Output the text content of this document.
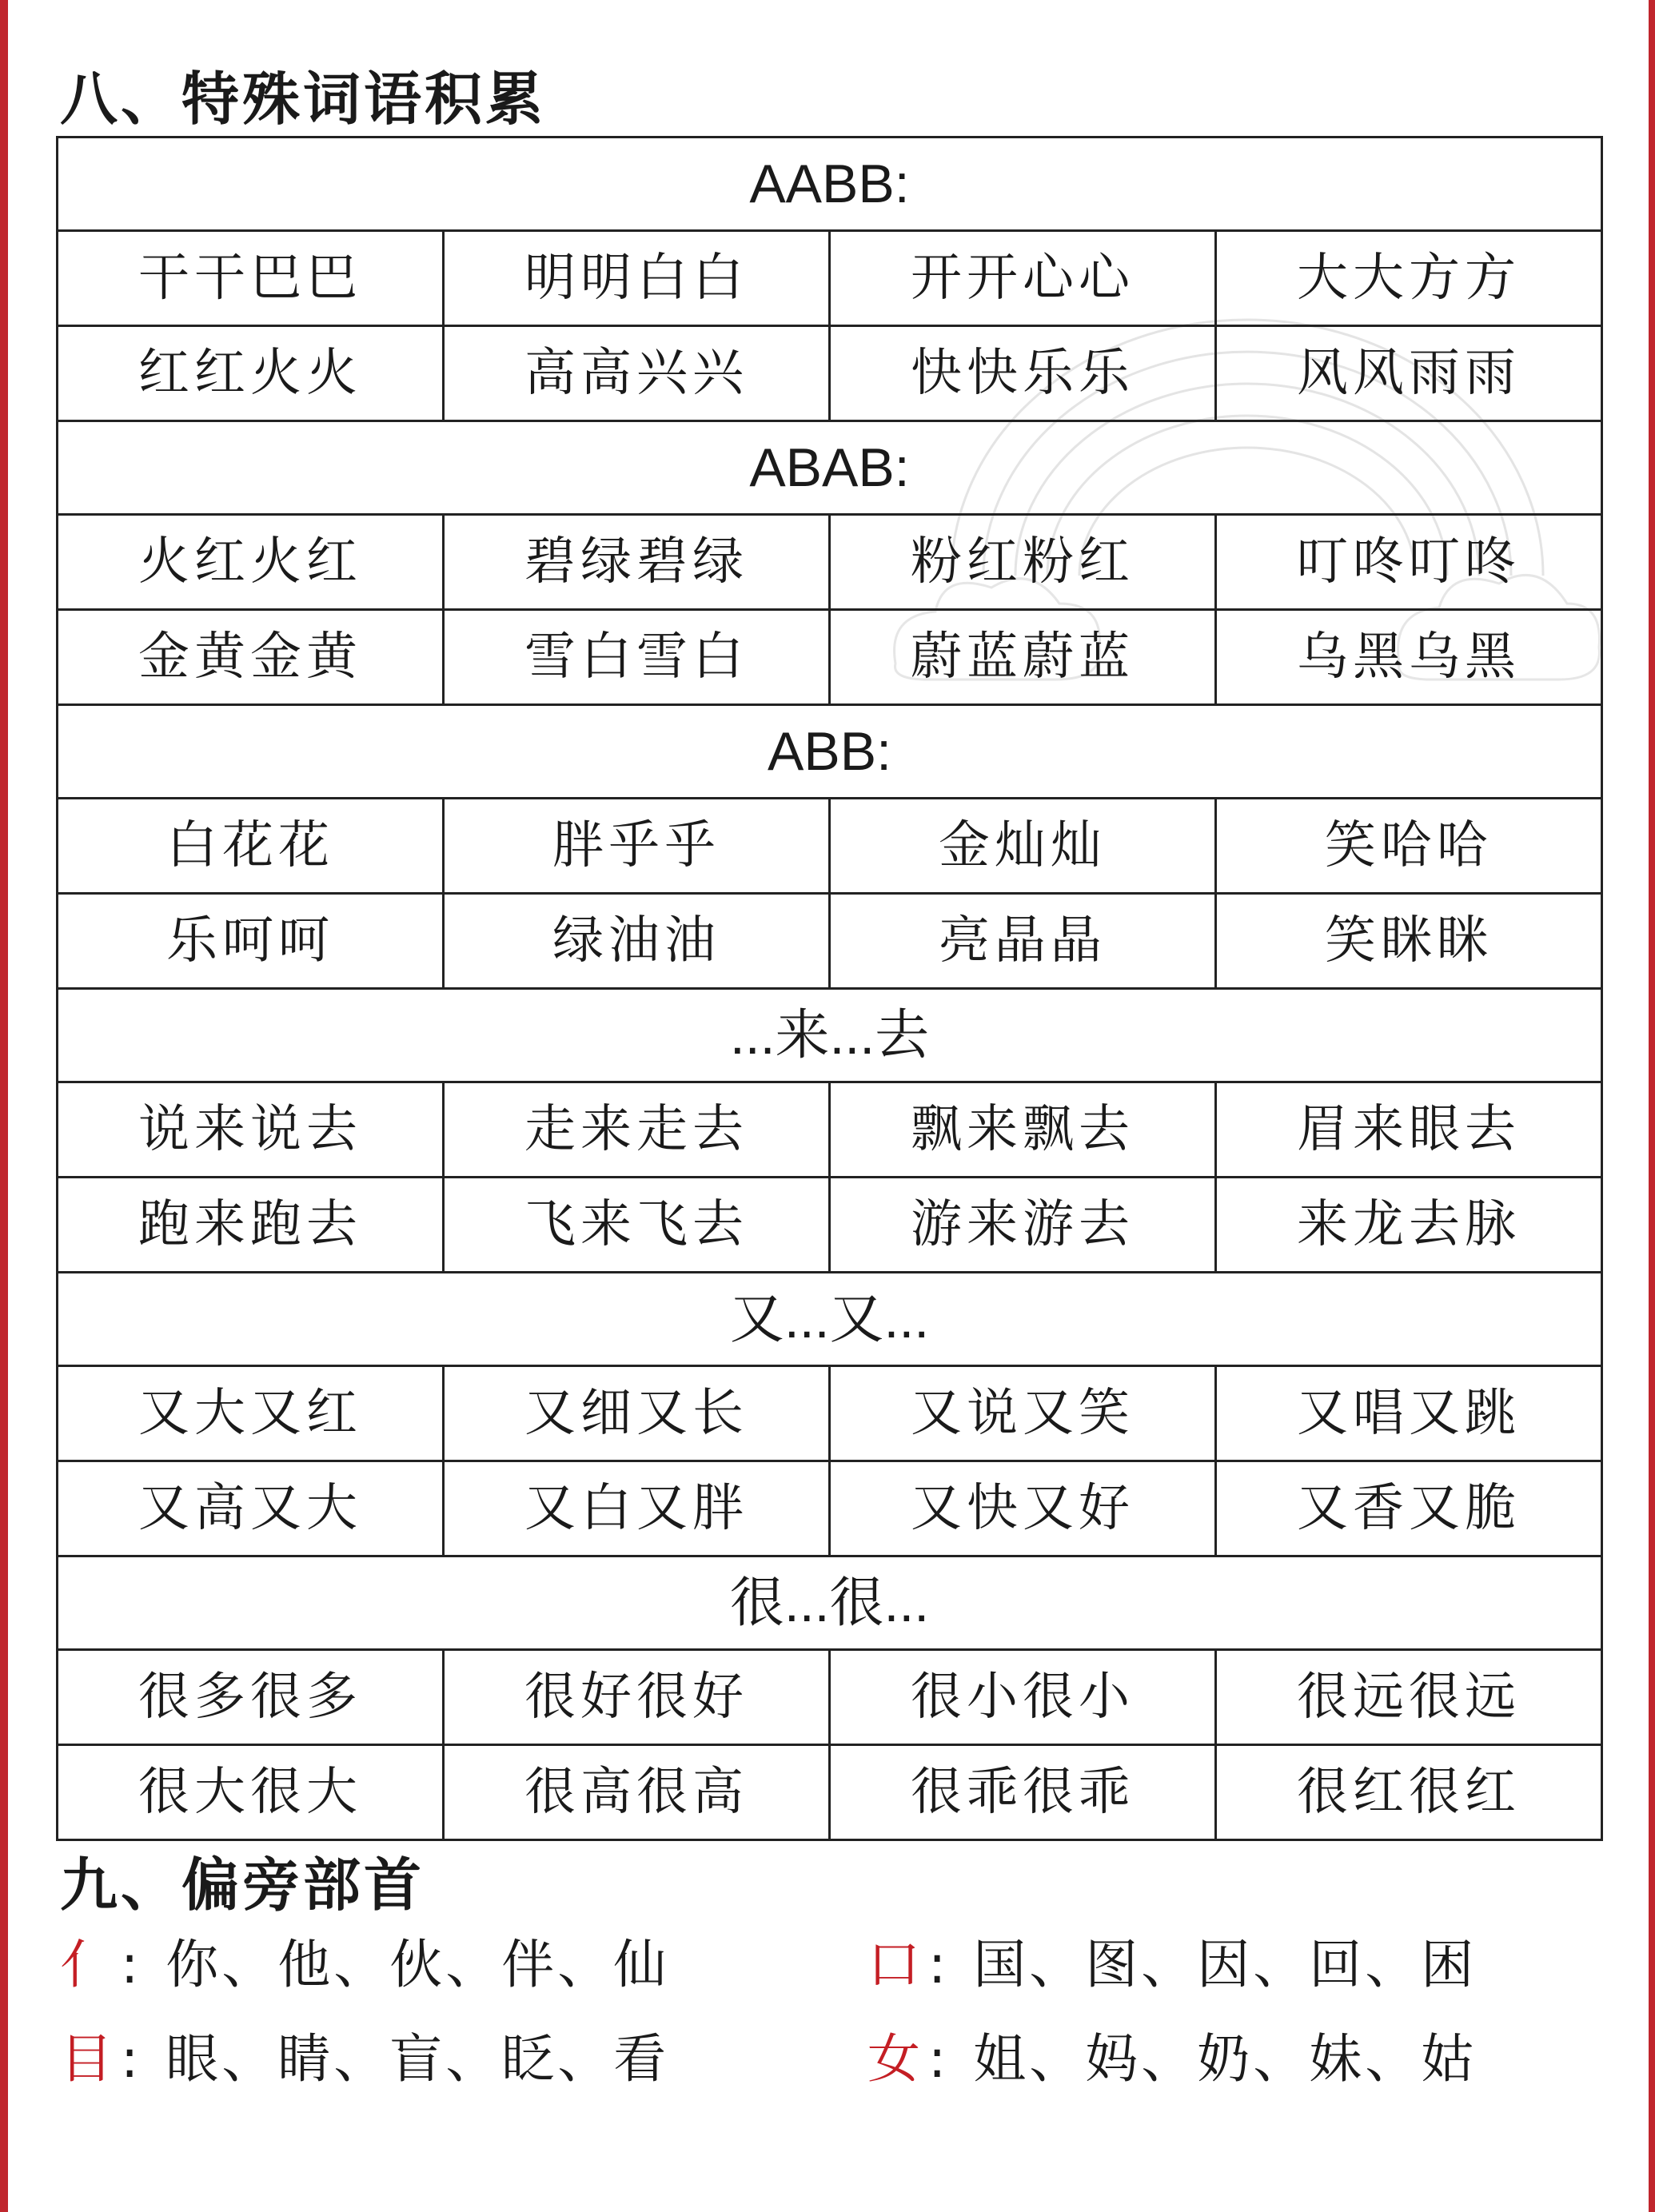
八、特殊词语积累
AABB:			
干干巴巴	明明白白	开开心心	大大方方
红红火火	高高兴兴	快快乐乐	风风雨雨
ABAB:			
火红火红	碧绿碧绿	粉红粉红	叮咚叮咚
金黄金黄	雪白雪白	蔚蓝蔚蓝	乌黑乌黑
ABB:			
白花花	胖乎乎	金灿灿	笑哈哈
乐呵呵	绿油油	亮晶晶	笑眯眯
...来...去			
说来说去	走来走去	飘来飘去	眉来眼去
跑来跑去	飞来飞去	游来游去	来龙去脉
又...又...			
又大又红	又细又长	又说又笑	又唱又跳
又高又大	又白又胖	又快又好	又香又脆
很...很...			
很多很多	很好很好	很小很小	很远很远
很大很大	很高很高	很乖很乖	很红很红
九、偏旁部首
亻 : 你、他、伙、伴、仙	口 : 国、图、因、回、困
目 : 眼、睛、盲、眨、看	女 : 姐、妈、奶、妹、姑
